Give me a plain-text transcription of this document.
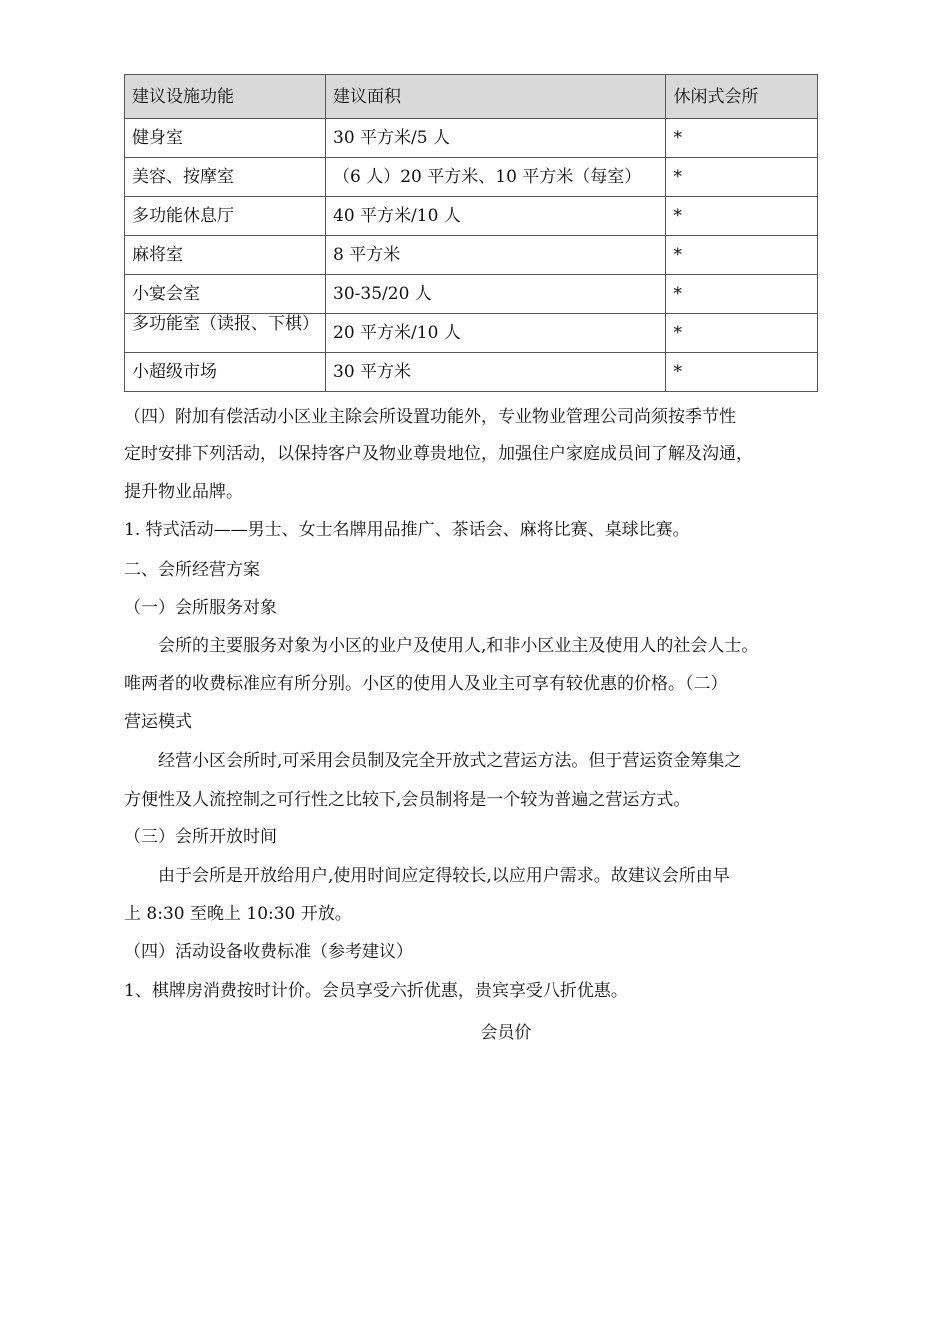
建议设施功能	建议面积	休闲式会所
健身室	30 平方米/5 人	*
美容、按摩室	（6 人）20 平方米、10 平方米（每室）	*
多功能休息厅	40 平方米/10 人	*
麻将室	8 平方米	*
小宴会室	30-35/20 人	*
多功能室（读报、下棋）	20 平方米/10 人	*
小超级市场	30 平方米	*
（四）附加有偿活动小区业主除会所设置功能外，专业物业管理公司尚须按季节性
定时安排下列活动，以保持客户及物业尊贵地位，加强住户家庭成员间了解及沟通，
提升物业品牌。
1. 特式活动——男士、女士名牌用品推广、茶话会、麻将比赛、桌球比赛。
二、会所经营方案
（一）会所服务对象
会所的主要服务对象为小区的业户及使用人,和非小区业主及使用人的社会人士。
唯两者的收费标准应有所分别。小区的使用人及业主可享有较优惠的价格。（二）
营运模式
经营小区会所时,可采用会员制及完全开放式之营运方法。但于营运资金筹集之
方便性及人流控制之可行性之比较下,会员制将是一个较为普遍之营运方式。
（三）会所开放时间
由于会所是开放给用户,使用时间应定得较长,以应用户需求。故建议会所由早
上 8:30 至晚上 10:30 开放。
（四）活动设备收费标准（参考建议）
1、棋牌房消费按时计价。会员享受六折优惠，贵宾享受八折优惠。
会员价
